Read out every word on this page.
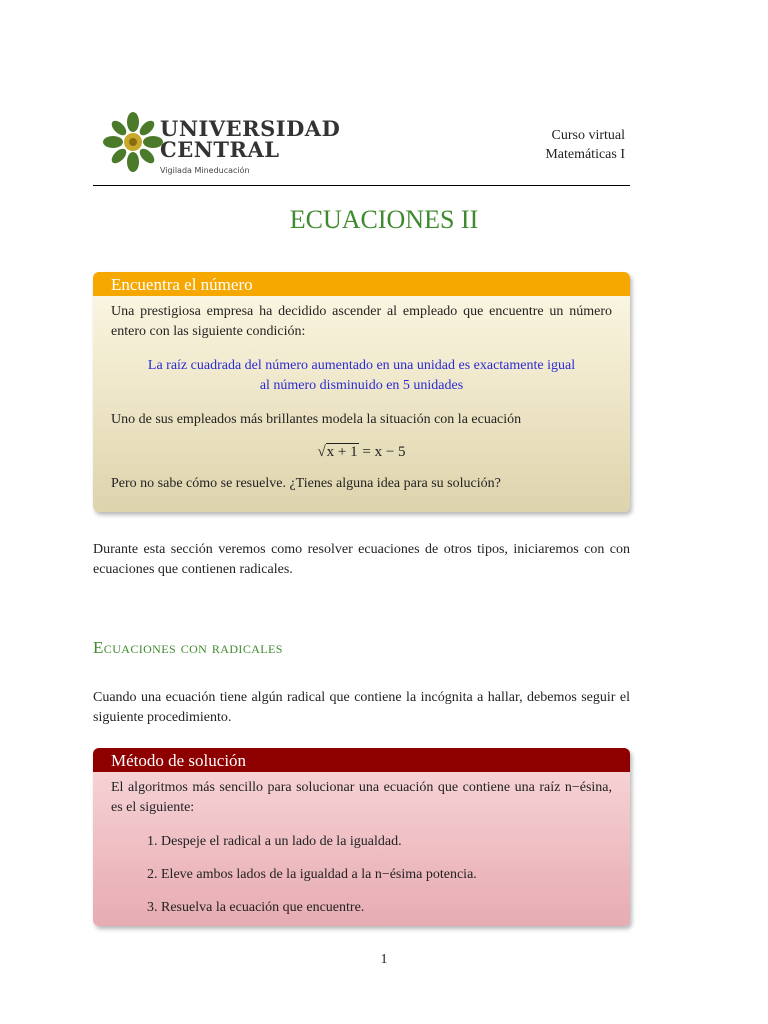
UNIVERSIDAD
CENTRAL
Vigilada Mineducación
Curso virtual
Matemáticas I
ECUACIONES II
Encuentra el número
Una prestigiosa empresa ha decidido ascender al empleado que encuentre un número entero con las siguiente condición:
La raíz cuadrada del número aumentado en una unidad es exactamente igual
al número disminuido en 5 unidades
Uno de sus empleados más brillantes modela la situación con la ecuación
√x + 1 = x − 5
Pero no sabe cómo se resuelve. ¿Tienes alguna idea para su solución?
Durante esta sección veremos como resolver ecuaciones de otros tipos, iniciaremos con con ecuaciones que contienen radicales.
Ecuaciones con radicales
Cuando una ecuación tiene algún radical que contiene la incógnita a hallar, debemos seguir el siguiente procedimiento.
Método de solución
El algoritmos más sencillo para solucionar una ecuación que contiene una raíz n−ésina, es el siguiente:
1. Despeje el radical a un lado de la igualdad.
2. Eleve ambos lados de la igualdad a la n−ésima potencia.
3. Resuelva la ecuación que encuentre.
1
